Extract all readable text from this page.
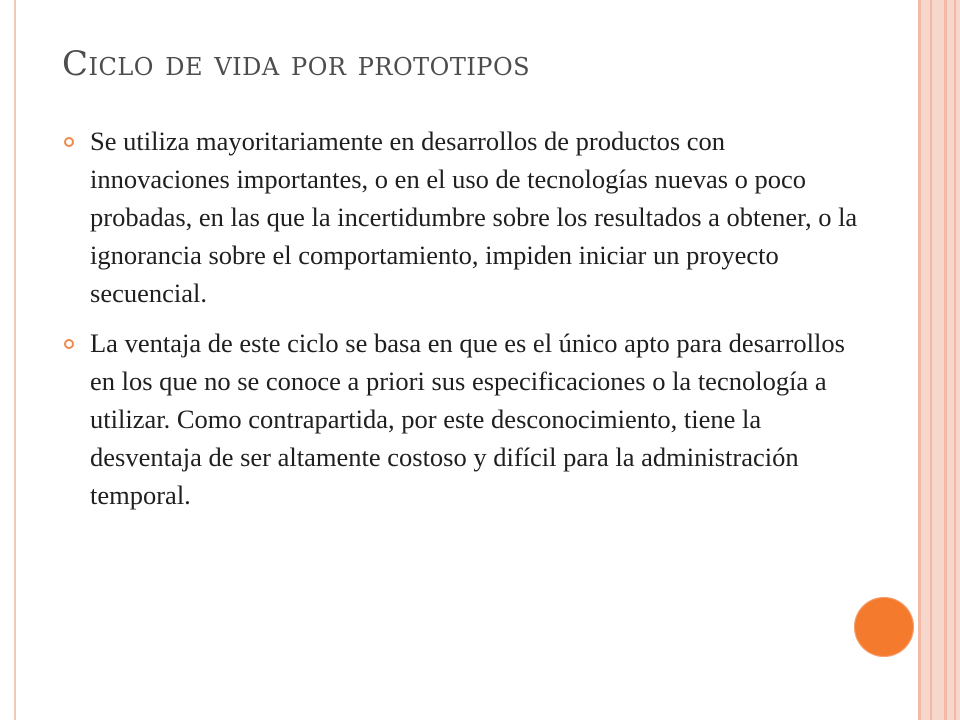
Ciclo de vida por prototipos
Se utiliza mayoritariamente en desarrollos de productos con innovaciones importantes, o en el uso de tecnologías nuevas o poco probadas, en las que la incertidumbre sobre los resultados a obtener, o la ignorancia sobre el comportamiento, impiden iniciar un proyecto secuencial.
La ventaja de este ciclo se basa en que es el único apto para desarrollos en los que no se conoce a priori sus especificaciones o la tecnología a utilizar. Como contrapartida, por este desconocimiento, tiene la desventaja de ser altamente costoso y difícil para la administración temporal.
